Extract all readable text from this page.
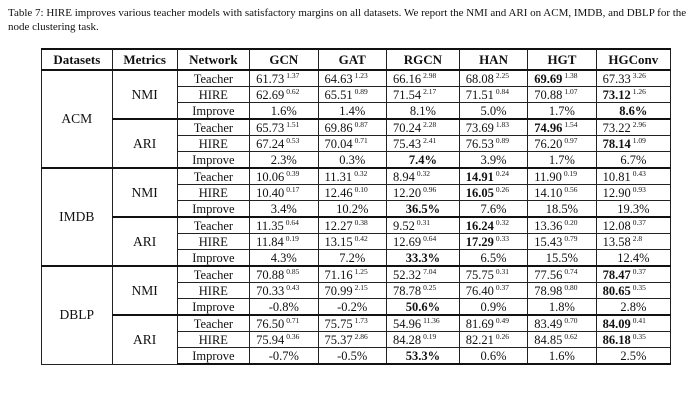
Table 7: HIRE improves various teacher models with satisfactory margins on all datasets. We report the NMI and ARI on ACM, IMDB, and DBLP for the node clustering task.

Datasets	Metrics	Network	GCN	GAT	RGCN	HAN	HGT	HGConv
ACM	NMI	Teacher	61.73 $^{1.37}$	64.63 $^{1.23}$	66.16 $^{2.98}$	68.08 $^{2.25}$	69.69 $^{1.38}$	67.33 $^{3.26}$
		HIRE	62.69 $^{0.62}$	65.51 $^{0.89}$	71.54 $^{2.17}$	71.51 $^{0.84}$	70.88 $^{1.07}$	73.12 $^{1.26}$
		Improve	1.6%	1.4%	8.1%	5.0%	1.7%	8.6%
	ARI	Teacher	65.73 $^{1.51}$	69.86 $^{0.87}$	70.24 $^{2.28}$	73.69 $^{1.83}$	74.96 $^{1.54}$	73.22 $^{2.96}$
		HIRE	67.24 $^{0.53}$	70.04 $^{0.71}$	75.43 $^{2.41}$	76.53 $^{0.89}$	76.20 $^{0.97}$	78.14 $^{1.09}$
		Improve	2.3%	0.3%	7.4%	3.9%	1.7%	6.7%
IMDB	NMI	Teacher	10.06 $^{0.39}$	11.31 $^{0.32}$	8.94 $^{0.32}$	14.91 $^{0.24}$	11.90 $^{0.19}$	10.81 $^{0.43}$
		HIRE	10.40 $^{0.17}$	12.46 $^{0.10}$	12.20 $^{0.96}$	16.05 $^{0.26}$	14.10 $^{0.56}$	12.90 $^{0.93}$
		Improve	3.4%	10.2%	36.5%	7.6%	18.5%	19.3%
	ARI	Teacher	11.35 $^{0.64}$	12.27 $^{0.38}$	9.52 $^{0.31}$	16.24 $^{0.32}$	13.36 $^{0.20}$	12.08 $^{0.37}$
		HIRE	11.84 $^{0.19}$	13.15 $^{0.42}$	12.69 $^{0.64}$	17.29 $^{0.33}$	15.43 $^{0.79}$	13.58 $^{2.8}$
		Improve	4.3%	7.2%	33.3%	6.5%	15.5%	12.4%
DBLP	NMI	Teacher	70.88 $^{0.85}$	71.16 $^{1.25}$	52.32 $^{7.04}$	75.75 $^{0.31}$	77.56 $^{0.74}$	78.47 $^{0.37}$
		HIRE	70.33 $^{0.43}$	70.99 $^{2.15}$	78.78 $^{0.25}$	76.40 $^{0.37}$	78.98 $^{0.80}$	80.65 $^{0.35}$
		Improve	-0.8%	-0.2%	50.6%	0.9%	1.8%	2.8%
	ARI	Teacher	76.50 $^{0.71}$	75.75 $^{1.73}$	54.96 $^{11.36}$	81.69 $^{0.49}$	83.49 $^{0.70}$	84.09 $^{0.41}$
		HIRE	75.94 $^{0.36}$	75.37 $^{2.86}$	84.28 $^{0.19}$	82.21 $^{0.26}$	84.85 $^{0.62}$	86.18 $^{0.35}$
		Improve	-0.7%	-0.5%	53.3%	0.6%	1.6%	2.5%
